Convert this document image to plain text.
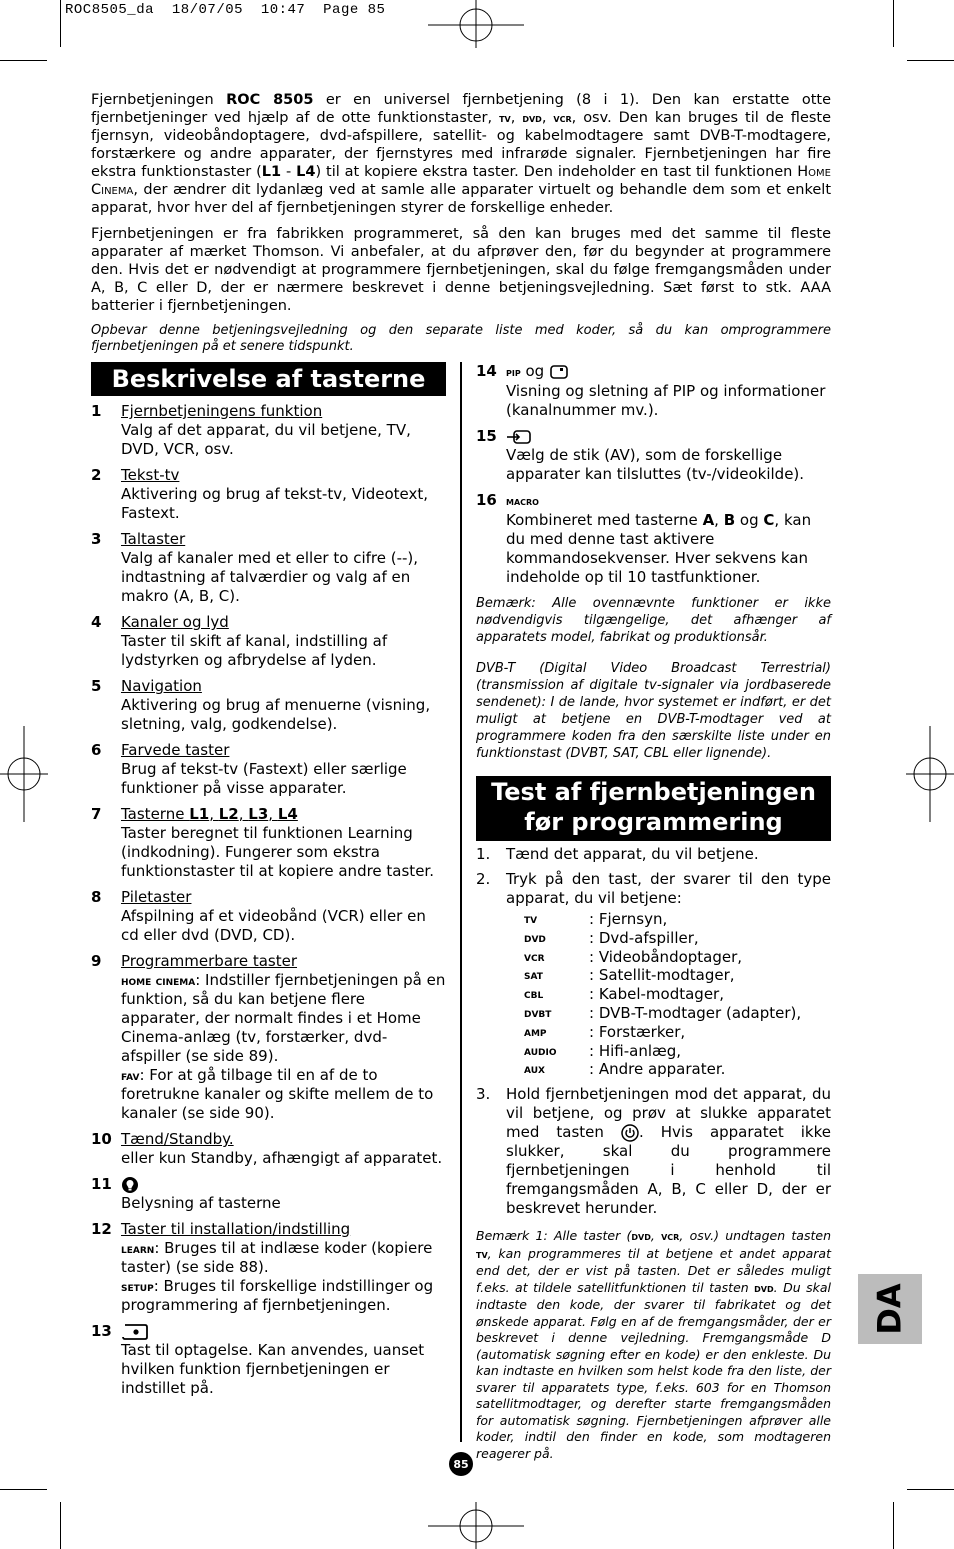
ROC8505_da  18/07/05  10:47  Page 85

Fjernbetjeningen ROC 8505 er en universel fjernbetjening (8 i 1). Den kan erstatte otte fjernbetjeninger ved hjælp af de otte funktionstaster, tv, dvd, vcr, osv. Den kan bruges til de fleste fjernsyn, videobåndoptagere, dvd-afspillere, satellit- og kabelmodtagere samt DVB-T-modtagere, forstærkere og andre apparater, der fjernstyres med infrarøde signaler. Fjernbetjeningen har fire ekstra funktionstaster (L1 - L4) til at kopiere ekstra taster. Den indeholder en tast til funktionen Home Cinema, der ændrer dit lydanlæg ved at samle alle apparater virtuelt og behandle dem som et enkelt apparat, hvor hver del af fjernbetjeningen styrer de forskellige enheder.

Fjernbetjeningen er fra fabrikken programmeret, så den kan bruges med det samme til fleste apparater af mærket Thomson. Vi anbefaler, at du afprøver den, før du begynder at programmere den. Hvis det er nødvendigt at programmere fjernbetjeningen, skal du følge fremgangsmåden under A, B, C eller D, der er nærmere beskrevet i denne betjeningsvejledning. Sæt først to stk. AAA batterier i fjernbetjeningen.

Opbevar denne betjeningsvejledning og den separate liste med koder, så du kan omprogrammere fjernbetjeningen på et senere tidspunkt.

Beskrivelse af tasterne
1 Fjernbetjeningens funktion
Valg af det apparat, du vil betjene, TV, DVD, VCR, osv.
2 Tekst-tv
Aktivering og brug af tekst-tv, Videotext, Fastext.
3 Taltaster
Valg af kanaler med et eller to cifre (--), indtastning af talværdier og valg af en makro (A, B, C).
4 Kanaler og lyd
Taster til skift af kanal, indstilling af lydstyrken og afbrydelse af lyden.
5 Navigation
Aktivering og brug af menuerne (visning, sletning, valg, godkendelse).
6 Farvede taster
Brug af tekst-tv (Fastext) eller særlige funktioner på visse apparater.
7 Tasterne L1, L2, L3, L4
Taster beregnet til funktionen Learning (indkodning). Fungerer som ekstra funktionstaster til at kopiere andre taster.
8 Piletaster
Afspilning af et videobånd (VCR) eller en cd eller dvd (DVD, CD).
9 Programmerbare taster
home cinema: Indstiller fjernbetjeningen på en funktion, så du kan betjene flere apparater, der normalt findes i et Home Cinema-anlæg (tv, forstærker, dvd-afspiller (se side 89).
fav: For at gå tilbage til en af de to foretrukne kanaler og skifte mellem de to kanaler (se side 90).
10 Tænd/Standby.
eller kun Standby, afhængigt af apparatet.
11
Belysning af tasterne
12 Taster til installation/indstilling
learn: Bruges til at indlæse koder (kopiere taster) (se side 88).
setup: Bruges til forskellige indstillinger og programmering af fjernbetjeningen.
13
Tast til optagelse. Kan anvendes, uanset hvilken funktion fjernbetjeningen er indstillet på.
14 pip og
Visning og sletning af PIP og informationer (kanalnummer mv.).
15
Vælg de stik (AV), som de forskellige apparater kan tilsluttes (tv-/videokilde).
16 macro
Kombineret med tasterne A, B og C, kan du med denne tast aktivere kommandosekvenser. Hver sekvens kan indeholde op til 10 tastfunktioner.
Bemærk: Alle ovennævnte funktioner er ikke nødvendigvis tilgængelige, det afhænger af apparatets model, fabrikat og produktionsår.
DVB-T (Digital Video Broadcast Terrestrial) (transmission af digitale tv-signaler via jordbaserede sendenet): I de lande, hvor systemet er indført, er det muligt at betjene en DVB-T-modtager ved at programmere koden fra den særskilte liste under en funktionstast (DVBT, SAT, CBL eller lignende).
Test af fjernbetjeningen
før programmering
1.	Tænd det apparat, du vil betjene.
2.	Tryk på den tast, der svarer til den type apparat, du vil betjene:
tv	: Fjernsyn,
dvd	: Dvd-afspiller,
vcr	: Videobåndoptager,
sat	: Satellit-modtager,
cbl	: Kabel-modtager,
dvbt	: DVB-T-modtager (adapter),
amp	: Forstærker,
audio	: Hifi-anlæg,
aux	: Andre apparater.
3.	Hold fjernbetjeningen mod det apparat, du vil betjene, og prøv at slukke apparatet med tasten . Hvis apparatet ikke slukker, skal du programmere fjernbetjeningen i henhold til fremgangsmåden A, B, C eller D, der er beskrevet herunder.
Bemærk 1: Alle taster (dvd, vcr, osv.) undtagen tasten tv, kan programmeres til at betjene et andet apparat end det, der er vist på tasten. Det er således muligt f.eks. at tildele satellitfunktionen til tasten dvd. Du skal indtaste den kode, der svarer til fabrikatet og det ønskede apparat. Følg en af de fremgangsmåder, der er beskrevet i denne vejledning. Fremgangsmåde D (automatisk søgning efter en kode) er den enkleste. Du kan indtaste en hvilken som helst kode fra den liste, der svarer til apparatets type, f.eks. 603 for en Thomson satellitmodtager, og derefter starte fremgangsmåden for automatisk søgning. Fjernbetjeningen afprøver alle koder, indtil den finder en kode, som modtageren reagerer på.
DA
85
